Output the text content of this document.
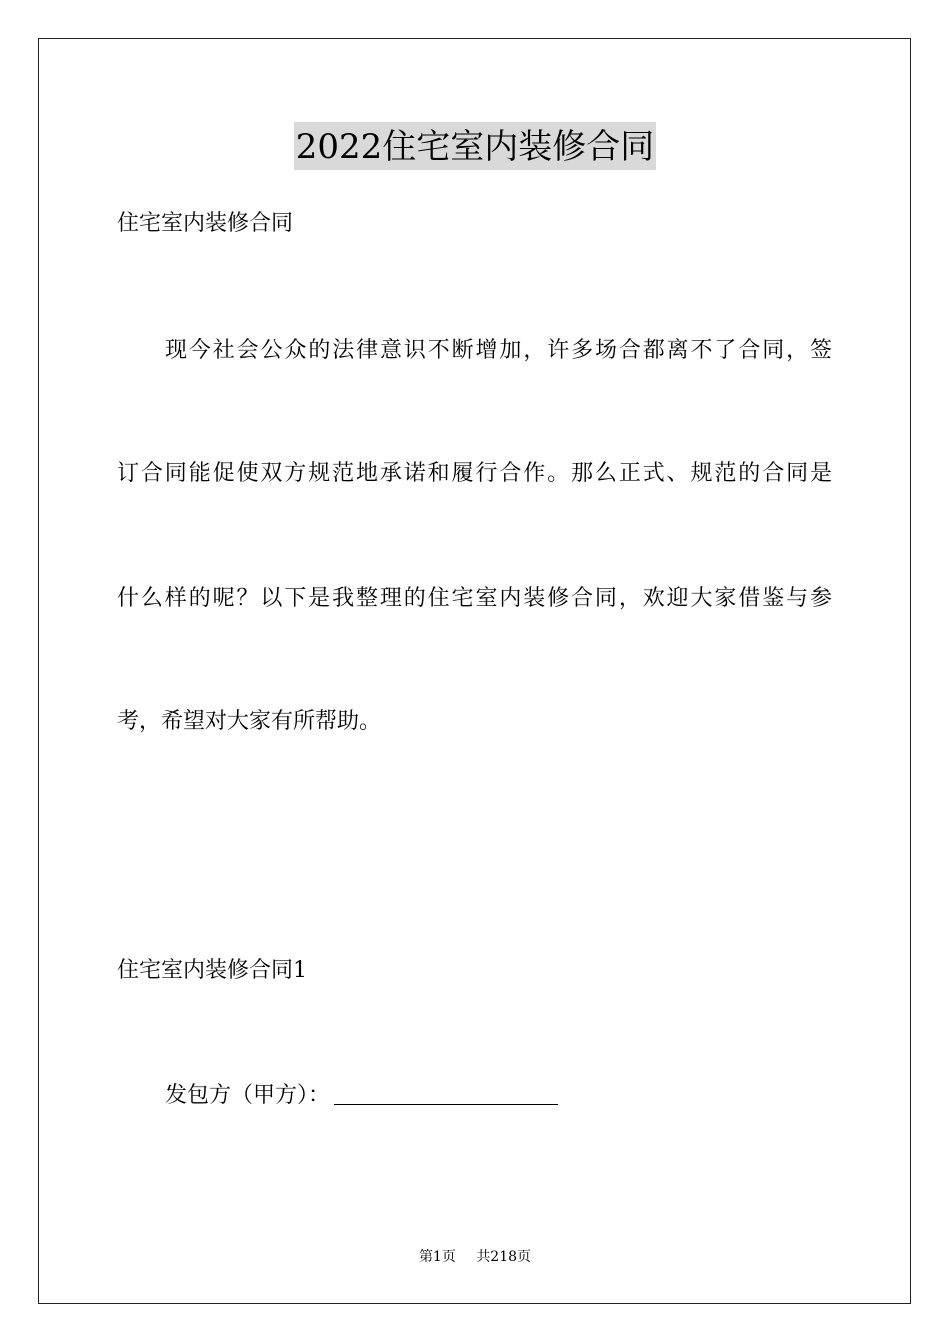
2022住宅室内装修合同
住宅室内装修合同
现今社会公众的法律意识不断增加，许多场合都离不了合同，签
订合同能促使双方规范地承诺和履行合作。那么正式、规范的合同是
什么样的呢？以下是我整理的住宅室内装修合同，欢迎大家借鉴与参
考，希望对大家有所帮助。
住宅室内装修合同1
发包方（甲方）：
第1页 共218页
